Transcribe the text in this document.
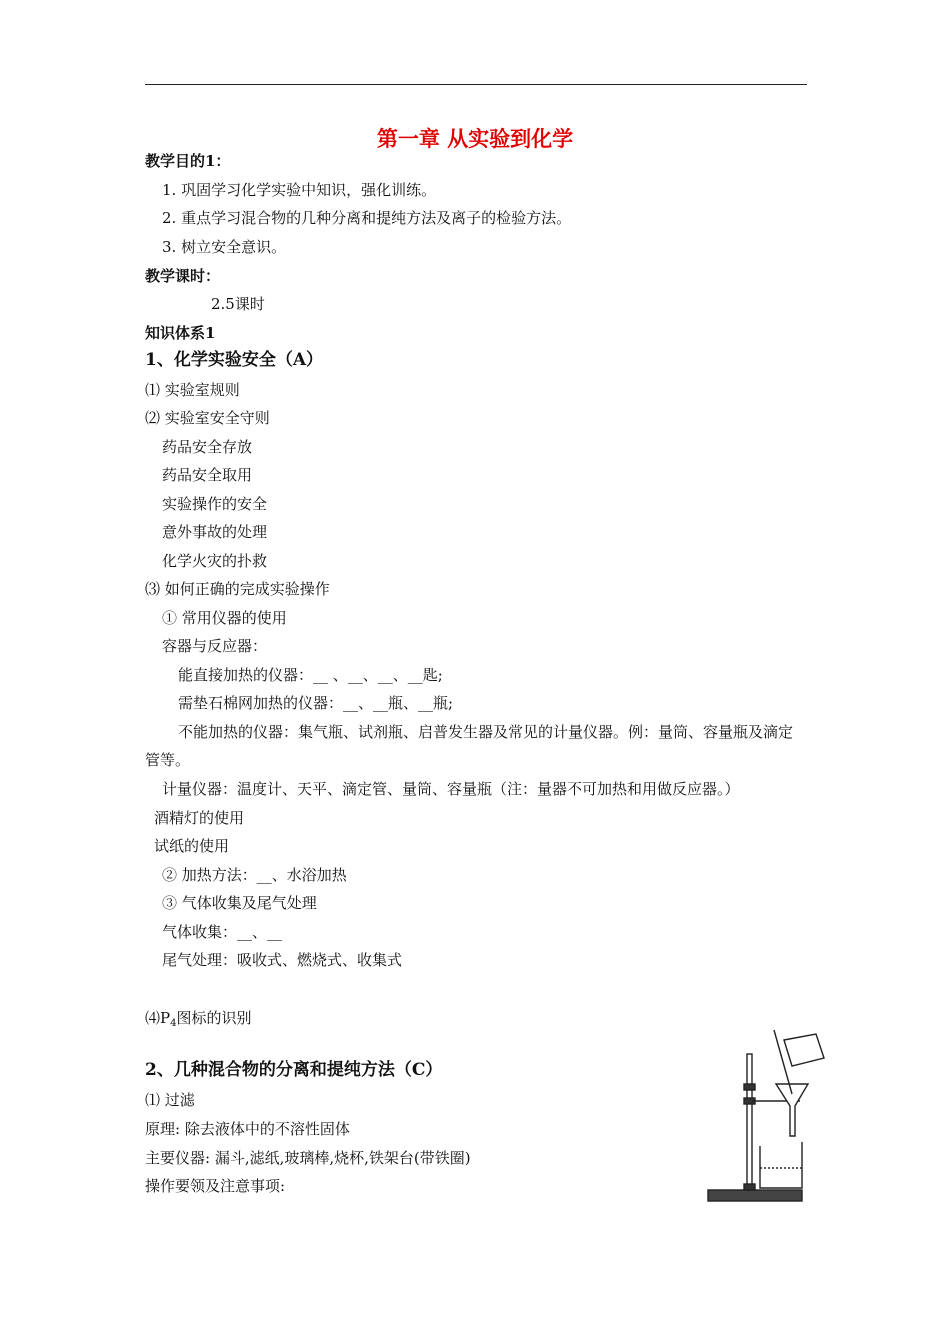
第一章 从实验到化学
教学目的1：
1. 巩固学习化学实验中知识，强化训练。
2. 重点学习混合物的几种分离和提纯方法及离子的检验方法。
3. 树立安全意识。
教学课时：
2.5课时
知识体系1
1、化学实验安全（A）
⑴ 实验室规则
⑵ 实验室安全守则
药品安全存放
药品安全取用
实验操作的安全
意外事故的处理
化学火灾的扑救
⑶ 如何正确的完成实验操作
① 常用仪器的使用
容器与反应器：
能直接加热的仪器：__ 、__、__、__匙;
需垫石棉网加热的仪器：__、__瓶、__瓶;
不能加热的仪器：集气瓶、试剂瓶、启普发生器及常见的计量仪器。例：量筒、容量瓶及滴定管等。
计量仪器：温度计、天平、滴定管、量筒、容量瓶（注：量器不可加热和用做反应器。）
酒精灯的使用
试纸的使用
② 加热方法：__、水浴加热
③ 气体收集及尾气处理
气体收集：__、__
尾气处理：吸收式、燃烧式、收集式
$⑷P_4$图标的识别
2、几种混合物的分离和提纯方法（C）
⑴ 过滤
原理: 除去液体中的不溶性固体
主要仪器: 漏斗,滤纸,玻璃棒,烧杯,铁架台(带铁圈)
操作要领及注意事项:
